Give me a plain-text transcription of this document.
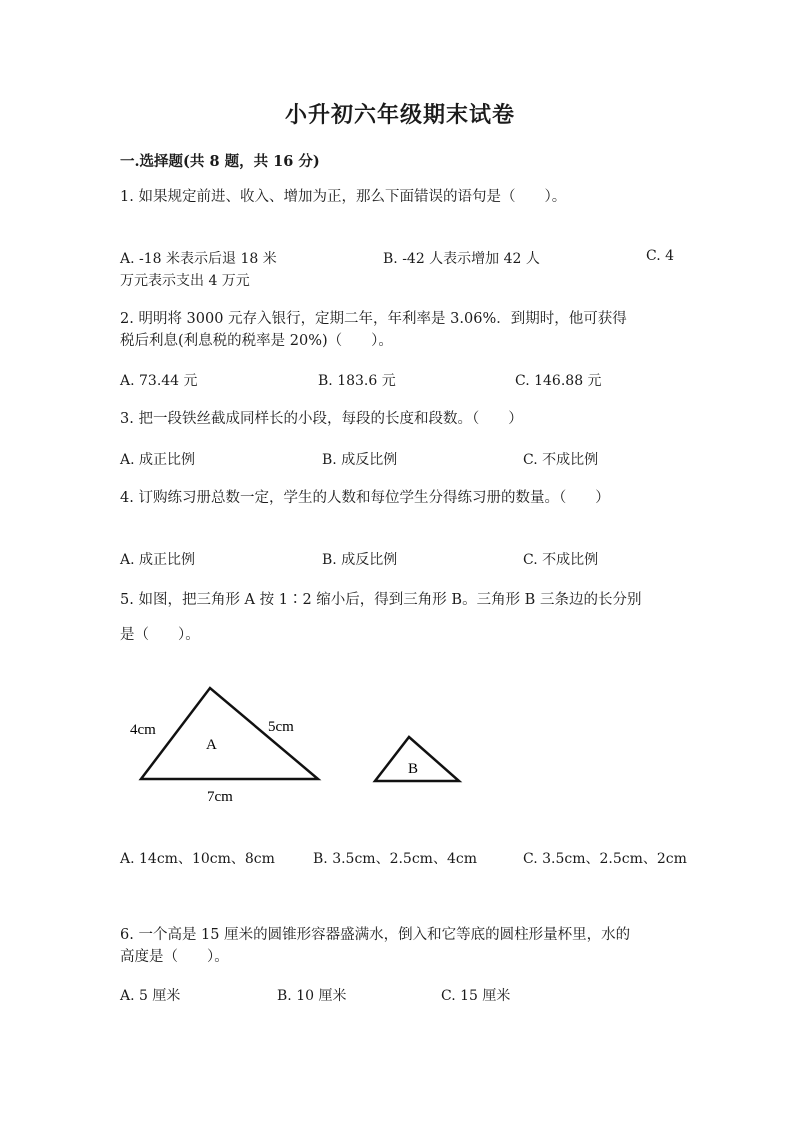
小升初六年级期末试卷
一.选择题(共 8 题，共 16 分)
1. 如果规定前进、收入、增加为正，那么下面错误的语句是（　　）。
A. -18 米表示后退 18 米	B. -42 人表示增加 42 人	C. 4
万元表示支出 4 万元
2. 明明将 3000 元存入银行，定期二年，年利率是 3.06%．到期时，他可获得
税后利息(利息税的税率是 20%)（　　）。
A. 73.44 元	B. 183.6 元	C. 146.88 元
3. 把一段铁丝截成同样长的小段，每段的长度和段数。（　　）
A. 成正比例	B. 成反比例	C. 不成比例
4. 订购练习册总数一定，学生的人数和每位学生分得练习册的数量。（　　）
A. 成正比例	B. 成反比例	C. 不成比例
5. 如图，把三角形 A 按 1∶2 缩小后，得到三角形 B。三角形 B 三条边的长分别
是（　　）。
4cm	5cm
7cm
A
B
A. 14cm、10cm、8cm	B. 3.5cm、2.5cm、4cm	C. 3.5cm、2.5cm、2cm
6. 一个高是 15 厘米的圆锥形容器盛满水，倒入和它等底的圆柱形量杯里，水的
高度是（　　）。
A. 5 厘米	B. 10 厘米	C. 15 厘米
